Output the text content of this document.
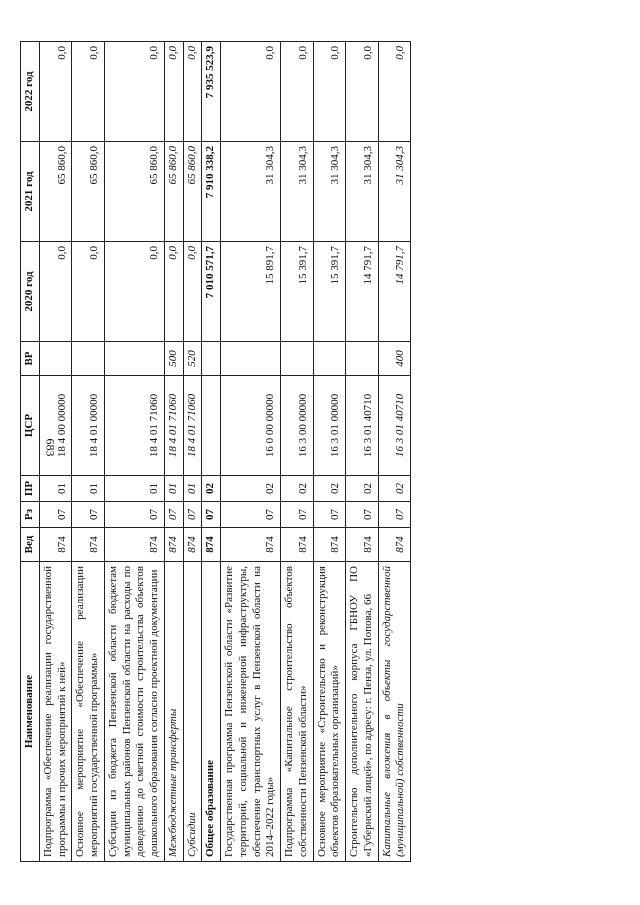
683
Наименование	Вед	Рз	ПР	ЦСР	ВР	2020 год	2021 год	2022 год
Подпрограмма «Обеспечение реализации государственной программы и прочих мероприятий к ней»	874	07	01	18 4 00 00000		0,0	65 860,0	0,0
Основное мероприятие «Обеспечение реализации мероприятий государственной программы»	874	07	01	18 4 01 00000		0,0	65 860,0	0,0
Субсидии из бюджета Пензенской области бюджетам муниципальных районов Пензенской области на расходы по доведению до сметной стоимости строительства объектов дошкольного образования согласно проектной документации	874	07	01	18 4 01 71060		0,0	65 860,0	0,0
Межбюджетные трансферты	874	07	01	18 4 01 71060	500	0,0	65 860,0	0,0
Субсидии	874	07	01	18 4 01 71060	520	0,0	65 860,0	0,0
Общее образование	874	07	02			7 010 571,7	7 910 338,2	7 935 523,9
Государственная программа Пензенской области «Развитие территорий, социальной и инженерной инфраструктуры, обеспечение транспортных услуг в Пензенской области на 2014–2022 годы»	874	07	02	16 0 00 00000		15 891,7	31 304,3	0,0
Подпрограмма «Капитальное строительство объектов собственности Пензенской области»	874	07	02	16 3 00 00000		15 391,7	31 304,3	0,0
Основное мероприятие «Строительство и реконструкция объектов образовательных организаций»	874	07	02	16 3 01 00000		15 391,7	31 304,3	0,0
Строительство дополнительного корпуса ГБНОУ ПО «Губернский лицей», по адресу: г. Пенза, ул. Попова, 66	874	07	02	16 3 01 40710		14 791,7	31 304,3	0,0
Капитальные вложения в объекты государственной (муниципальной) собственности	874	07	02	16 3 01 40710	400	14 791,7	31 304,3	0,0
